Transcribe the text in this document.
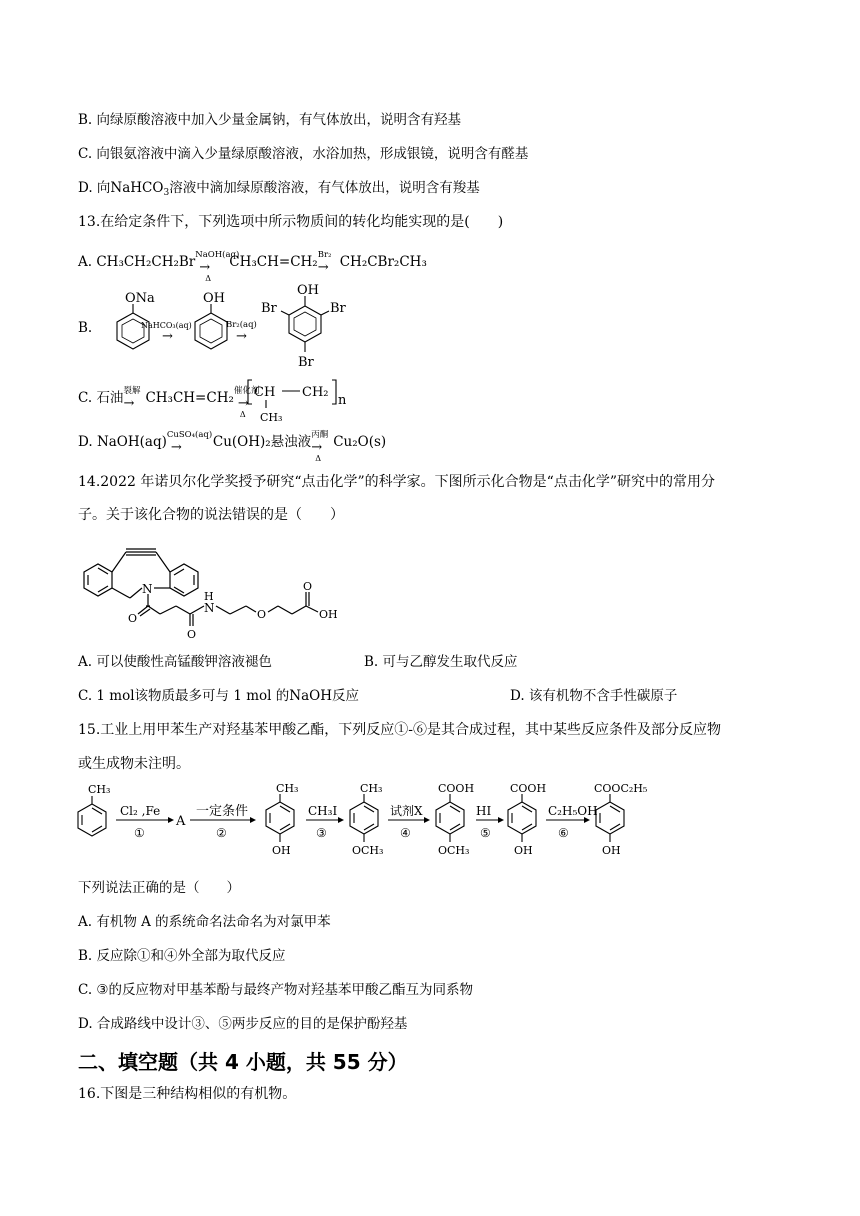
B. 向绿原酸溶液中加入少量金属钠，有气体放出，说明含有羟基
C. 向银氨溶液中滴入少量绿原酸溶液，水浴加热，形成银镜，说明含有醛基
D. 向NaHCO$_3$溶液中滴加绿原酸溶液，有气体放出，说明含有羧基
13.在给定条件下，下列选项中所示物质间的转化均能实现的是(　　)
A. CH₃CH₂CH₂Br NaOH(aq)
→
Δ
CH₃CH=CH₂ Br₂
→ CH₂CBr₂CH₃
B.
ONa
NaHCO₃(aq)
→
OH
Br₂(aq)
→
OH
Br	Br
Br
C. 石油 裂解
→ CH₃CH=CH₂ 催化剂
→
Δ
CH CH₂
n
CH₃
D. NaOH(aq) CuSO₄(aq)
→ Cu(OH)₂悬浊液 丙酮
→
Δ
Cu₂O(s)
14.2022 年诺贝尔化学奖授予研究“点击化学”的科学家。下图所示化合物是“点击化学”研究中的常用分
子。关于该化合物的说法错误的是（　　）
N
O
O
H
N	O
O
OH
A. 可以使酸性高锰酸钾溶液褪色	B. 可与乙醇发生取代反应
C. 1 mol该物质最多可与 1 mol 的NaOH反应	D. 该有机物不含手性碳原子
15.工业上用甲苯生产对羟基苯甲酸乙酯，下列反应①-⑥是其合成过程，其中某些反应条件及部分反应物
或生成物未注明。
CH₃
Cl₂ ,Fe
①
A
一定条件
②
CH₃
OH
CH₃I
③
CH₃
OCH₃
试剂X
④
COOH
OCH₃
HI
⑤
COOH
OH
C₂H₅OH
⑥
COOC₂H₅
OH
下列说法正确的是（　　）
A. 有机物 A 的系统命名法命名为对氯甲苯
B. 反应除①和④外全部为取代反应
C. ③的反应物对甲基苯酚与最终产物对羟基苯甲酸乙酯互为同系物
D. 合成路线中设计③、⑤两步反应的目的是保护酚羟基
二、填空题（共 4 小题，共 55 分）
16.下图是三种结构相似的有机物。
